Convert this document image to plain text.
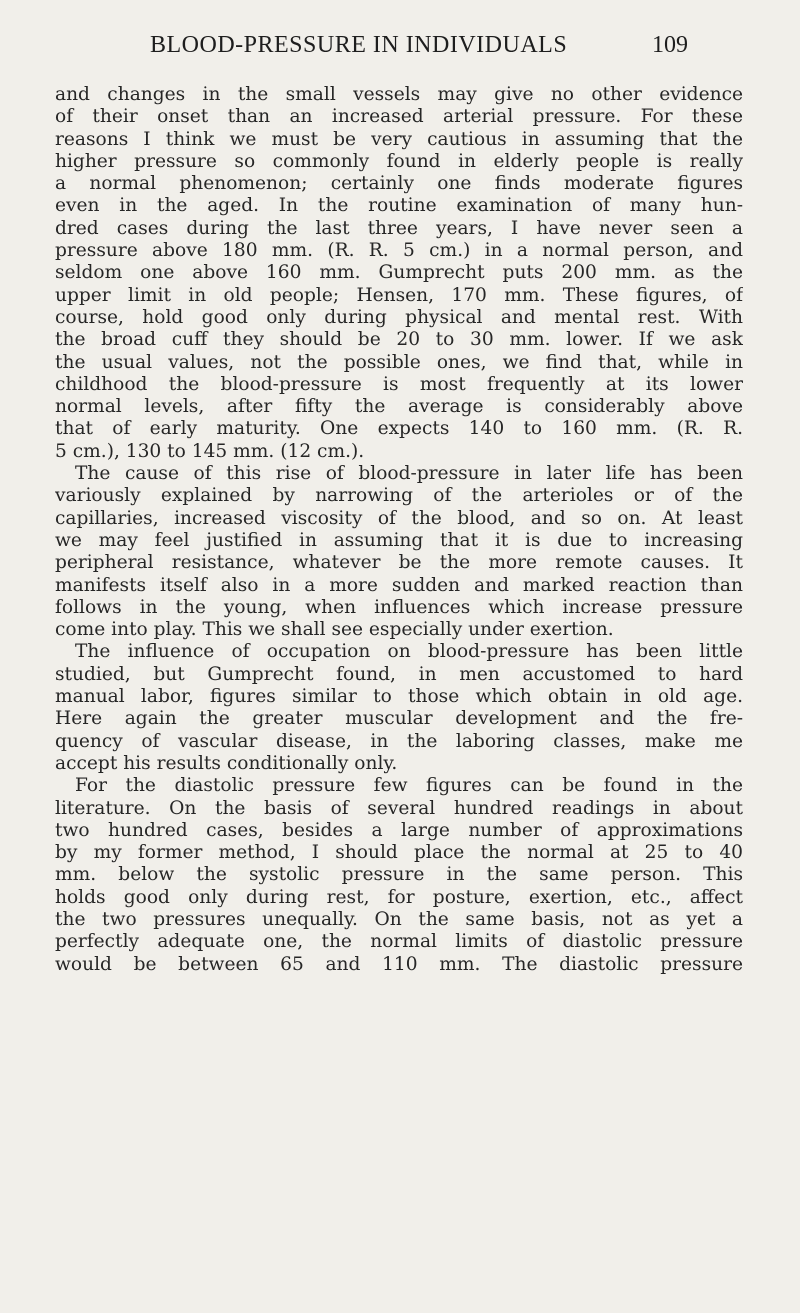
BLOOD-PRESSURE IN INDIVIDUALS	109
and changes in the small vessels may give no other evidence
of their onset than an increased arterial pressure. For these
reasons I think we must be very cautious in assuming that the
higher pressure so commonly found in elderly people is really
a normal phenomenon; certainly one finds moderate figures
even in the aged. In the routine examination of many hun-
dred cases during the last three years, I have never seen a
pressure above 180 mm. (R. R. 5 cm.) in a normal person, and
seldom one above 160 mm. Gumprecht puts 200 mm. as the
upper limit in old people; Hensen, 170 mm. These figures, of
course, hold good only during physical and mental rest. With
the broad cuff they should be 20 to 30 mm. lower. If we ask
the usual values, not the possible ones, we find that, while in
childhood the blood-pressure is most frequently at its lower
normal levels, after fifty the average is considerably above
that of early maturity. One expects 140 to 160 mm. (R. R.
5 cm.), 130 to 145 mm. (12 cm.).
The cause of this rise of blood-pressure in later life has been
variously explained by narrowing of the arterioles or of the
capillaries, increased viscosity of the blood, and so on. At least
we may feel justified in assuming that it is due to increasing
peripheral resistance, whatever be the more remote causes. It
manifests itself also in a more sudden and marked reaction than
follows in the young, when influences which increase pressure
come into play. This we shall see especially under exertion.
The influence of occupation on blood-pressure has been little
studied, but Gumprecht found, in men accustomed to hard
manual labor, figures similar to those which obtain in old age.
Here again the greater muscular development and the fre-
quency of vascular disease, in the laboring classes, make me
accept his results conditionally only.
For the diastolic pressure few figures can be found in the
literature. On the basis of several hundred readings in about
two hundred cases, besides a large number of approximations
by my former method, I should place the normal at 25 to 40
mm. below the systolic pressure in the same person. This
holds good only during rest, for posture, exertion, etc., affect
the two pressures unequally. On the same basis, not as yet a
perfectly adequate one, the normal limits of diastolic pressure
would be between 65 and 110 mm. The diastolic pressure
